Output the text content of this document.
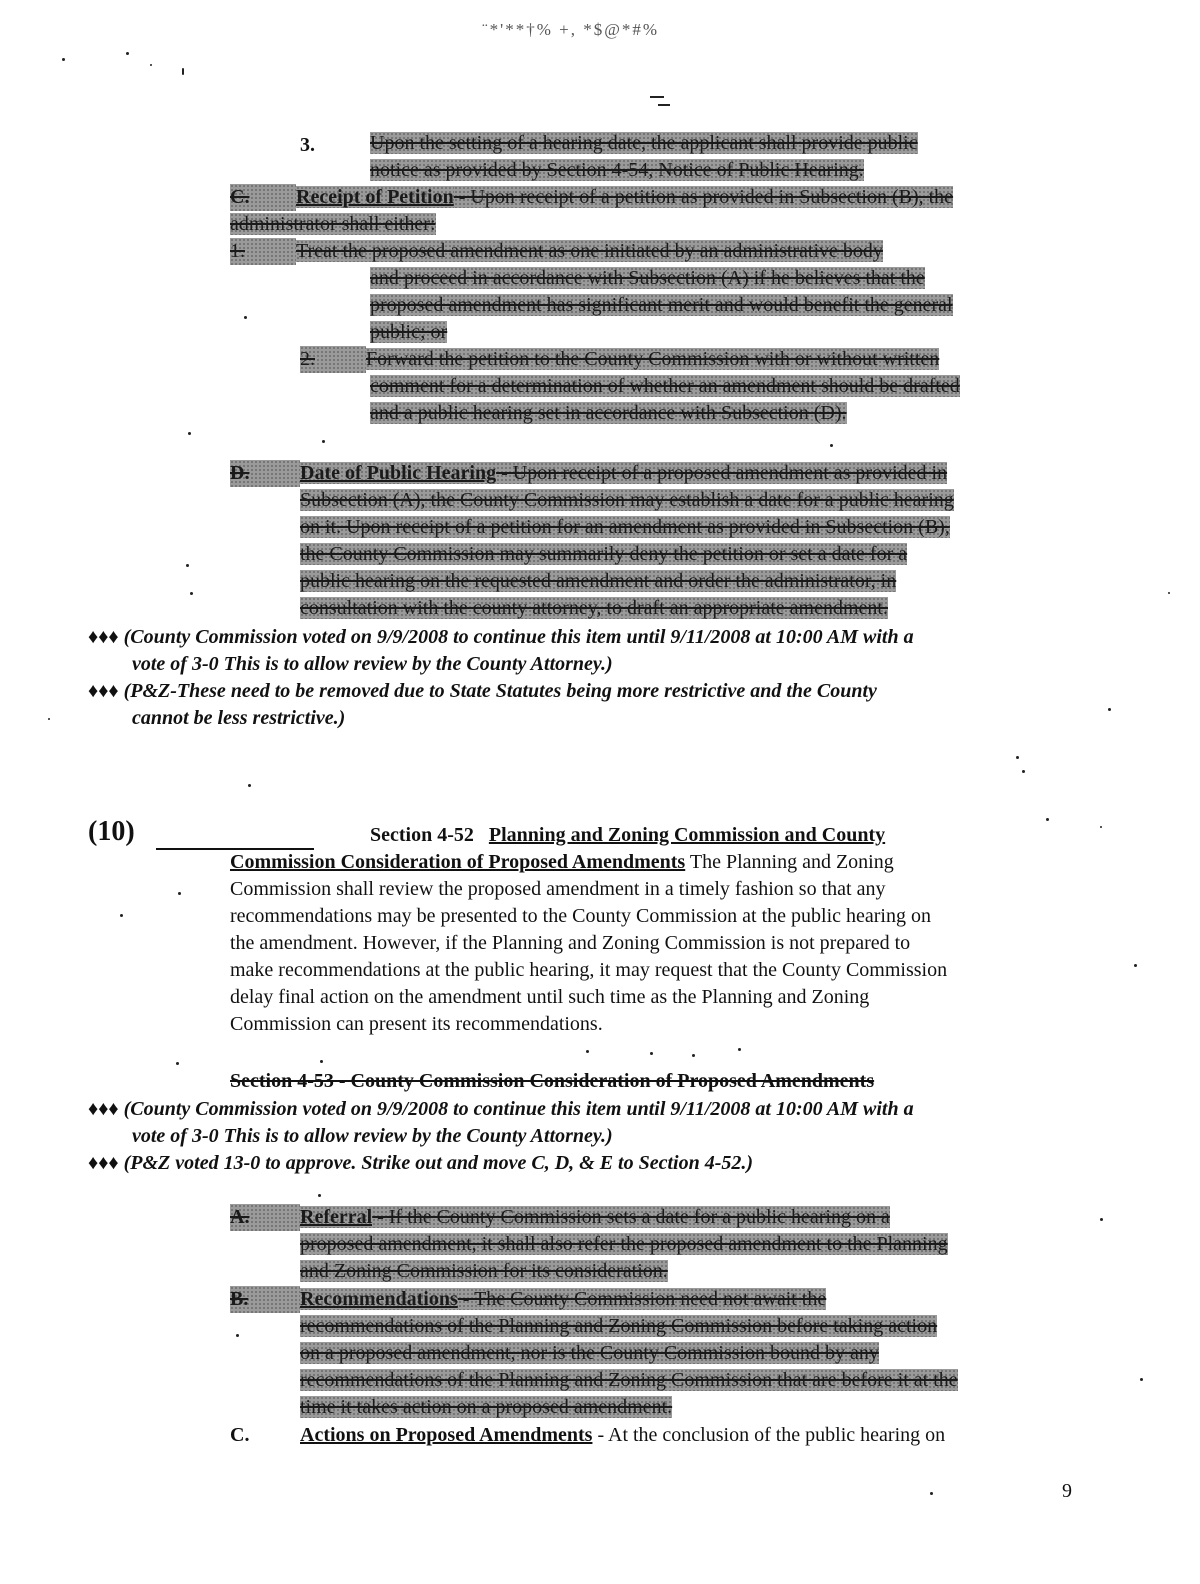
¨*'**†% +, *$@*#%
3.	Upon the setting of a hearing date, the applicant shall provide public
notice as provided by Section 4-54, Notice of Public Hearing.
C. Receipt of Petition - Upon receipt of a petition as provided in Subsection (B), the
administrator shall either:
1.	Treat the proposed amendment as one initiated by an administrative body
and proceed in accordance with Subsection (A) if he believes that the
proposed amendment has significant merit and would benefit the general
public; or
2.	Forward the petition to the County Commission with or without written
comment for a determination of whether an amendment should be drafted
and a public hearing set in accordance with Subsection (D).
D.	Date of Public Hearing - Upon receipt of a proposed amendment as provided in
Subsection (A), the County Commission may establish a date for a public hearing
on it. Upon receipt of a petition for an amendment as provided in Subsection (B),
the County Commission may summarily deny the petition or set a date for a
public hearing on the requested amendment and order the administrator, in
consultation with the county attorney, to draft an appropriate amendment.
♦♦♦ (County Commission voted on 9/9/2008 to continue this item until 9/11/2008 at 10:00 AM with a
vote of 3-0 This is to allow review by the County Attorney.)
♦♦♦ (P&Z-These need to be removed due to State Statutes being more restrictive and the County
cannot be less restrictive.)
(10)	Section 4-52 Planning and Zoning Commission and County
Commission Consideration of Proposed Amendments The Planning and Zoning
Commission shall review the proposed amendment in a timely fashion so that any
recommendations may be presented to the County Commission at the public hearing on
the amendment. However, if the Planning and Zoning Commission is not prepared to
make recommendations at the public hearing, it may request that the County Commission
delay final action on the amendment until such time as the Planning and Zoning
Commission can present its recommendations.
Section 4-53 - County Commission Consideration of Proposed Amendments
♦♦♦ (County Commission voted on 9/9/2008 to continue this item until 9/11/2008 at 10:00 AM with a
vote of 3-0 This is to allow review by the County Attorney.)
♦♦♦ (P&Z voted 13-0 to approve. Strike out and move C, D, & E to Section 4-52.)
A.	Referral - If the County Commission sets a date for a public hearing on a
proposed amendment, it shall also refer the proposed amendment to the Planning
and Zoning Commission for its consideration.
B.	Recommendations - The County Commission need not await the
recommendations of the Planning and Zoning Commission before taking action
on a proposed amendment, nor is the County Commission bound by any
recommendations of the Planning and Zoning Commission that are before it at the
time it takes action on a proposed amendment.
C.	Actions on Proposed Amendments - At the conclusion of the public hearing on
9
